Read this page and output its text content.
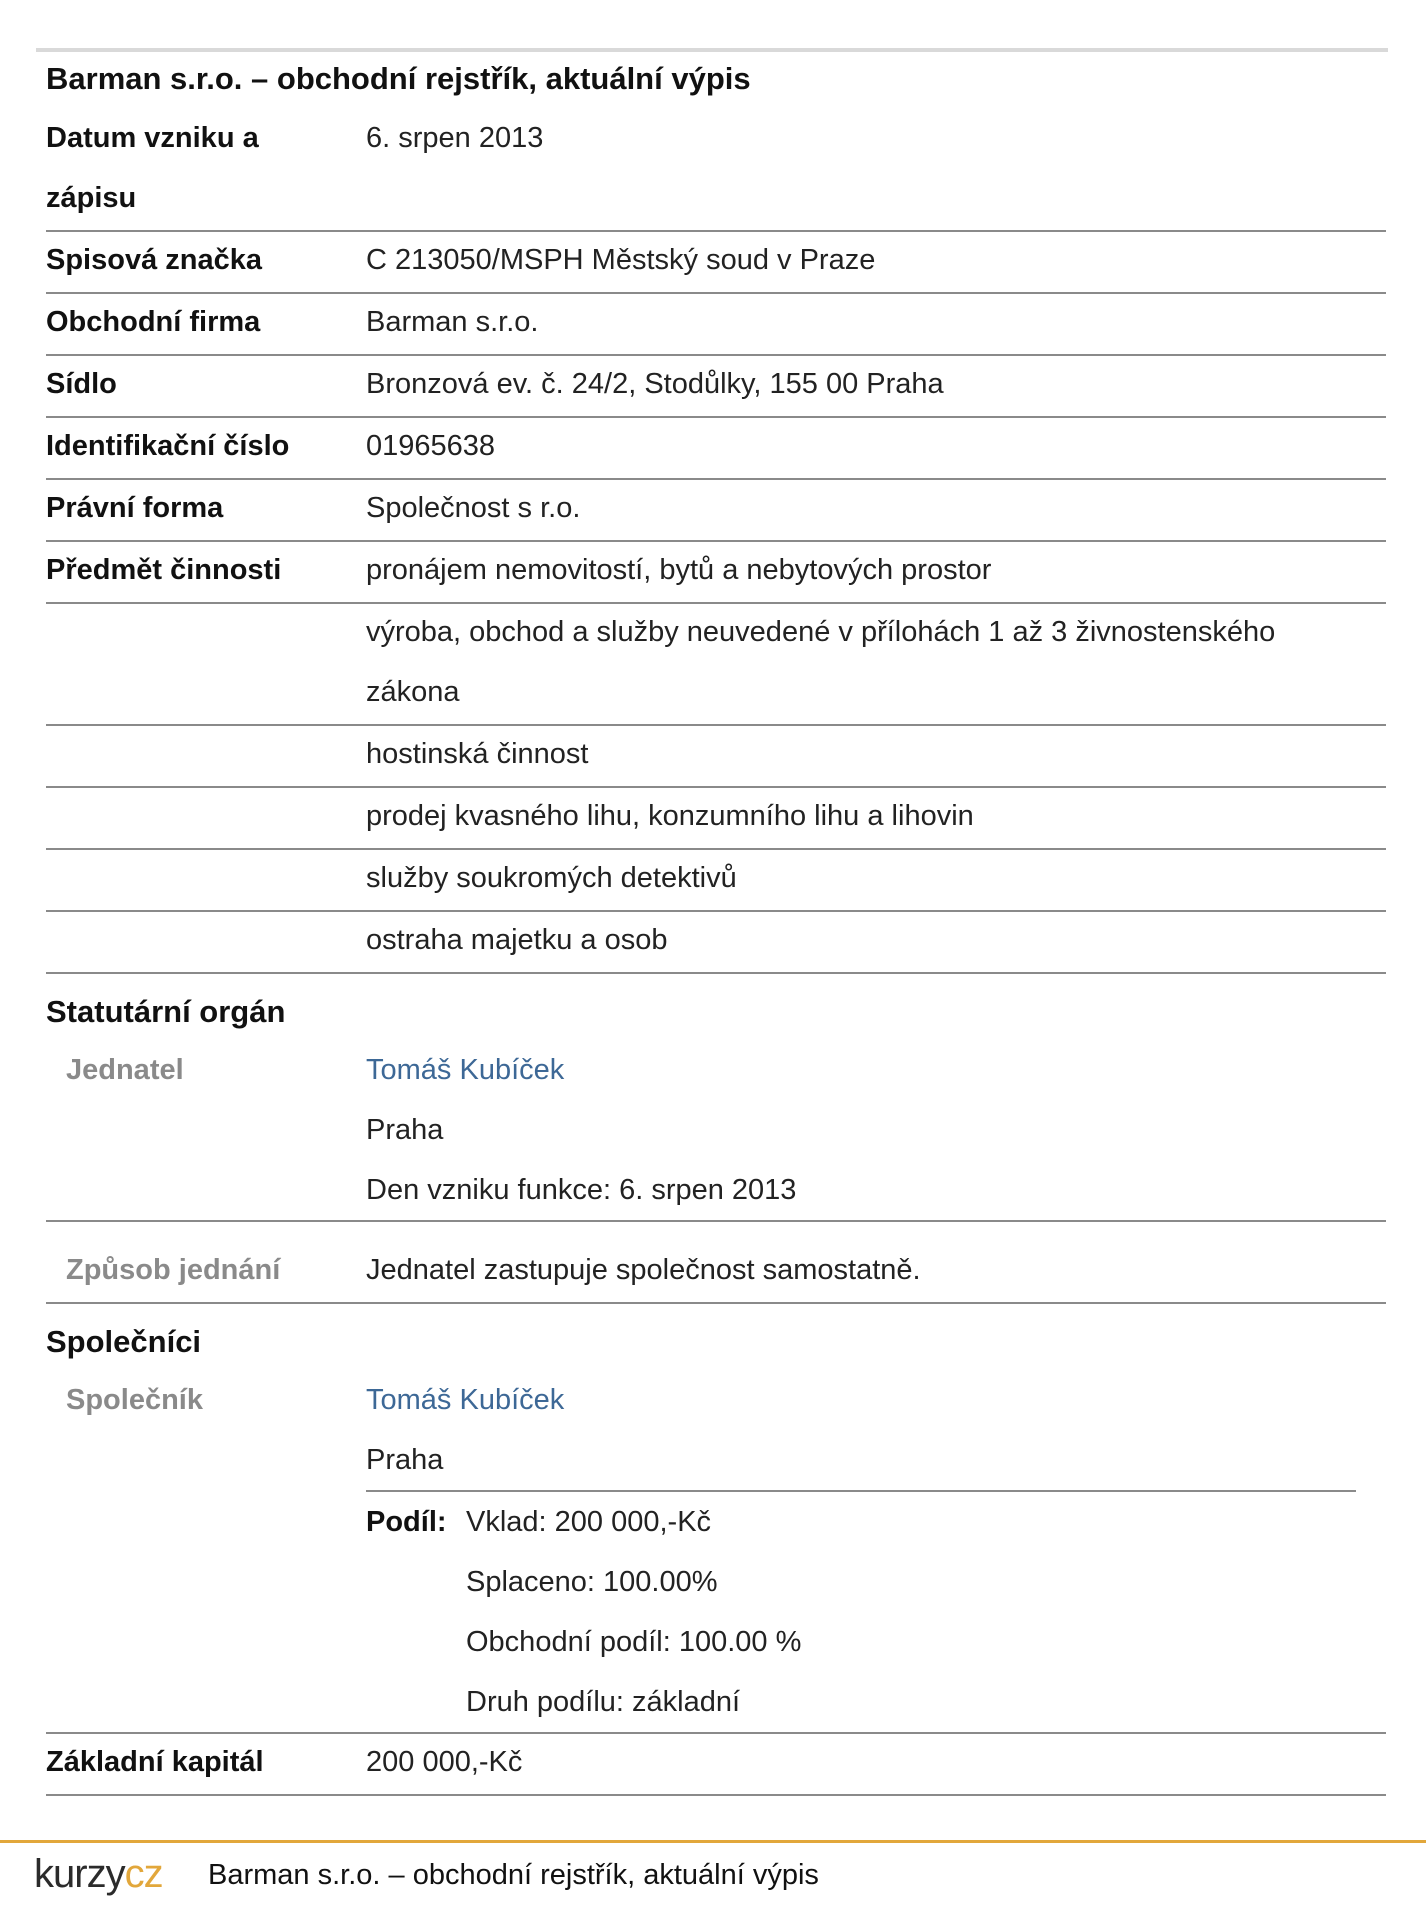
Barman s.r.o. – obchodní rejstřík, aktuální výpis
Datum vzniku a
zápisu
6. srpen 2013
Spisová značka	C 213050/MSPH Městský soud v Praze
Obchodní firma	Barman s.r.o.
Sídlo	Bronzová ev. č. 24/2, Stodůlky, 155 00 Praha
Identifikační číslo	01965638
Právní forma	Společnost s r.o.
Předmět činnosti	pronájem nemovitostí, bytů a nebytových prostor
výroba, obchod a služby neuvedené v přílohách 1 až 3 živnostenského
zákona
hostinská činnost
prodej kvasného lihu, konzumního lihu a lihovin
služby soukromých detektivů
ostraha majetku a osob
Statutární orgán
Jednatel	Tomáš Kubíček
Praha
Den vzniku funkce: 6. srpen 2013
Způsob jednání	Jednatel zastupuje společnost samostatně.
Společníci
Společník	Tomáš Kubíček
Praha
Podíl: Vklad: 200 000,-Kč
Splaceno: 100.00%
Obchodní podíl: 100.00 %
Druh podílu: základní
Základní kapitál	200 000,-Kč
kurzycz Barman s.r.o. – obchodní rejstřík, aktuální výpis
